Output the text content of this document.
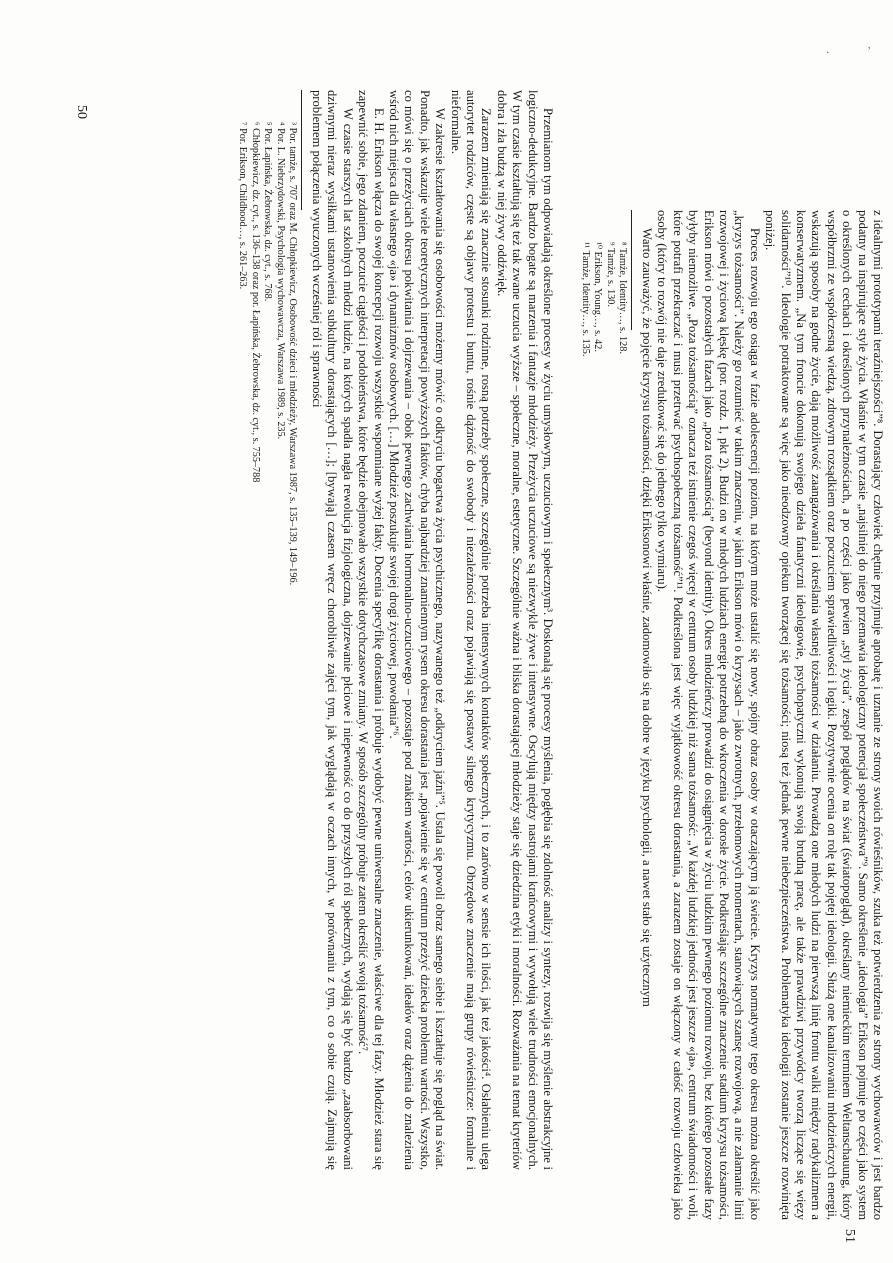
,
·

Przemianom tym odpowiadają określone procesy w życiu umysłowym, uczuciowym i społecznym³. Doskonalą się procesy myślenia, pogłębia się zdolność analizy i syntezy, rozwija się myślenie abstrakcyjne i logiczno-dedukcyjne. Bardzo bogate są marzenia i fantazje młodzieży. Przeżycia uczuciowe są niezwykle żywe i intensywne. Oscylują między nastrojami krańcowymi i wywołują wiele trudności emocjonalnych. W tym czasie kształtują się też tak zwane uczucia wyższe – społeczne, moralne, estetyczne. Szczególnie ważna i bliska dorastającej młodzieży staje się dziedzina etyki i moralności. Rozważania na temat kryteriów dobra i zła budzą w niej żywy oddźwięk.

Zarazem zmieniają się znacznie stosunki rodzinne, rosną potrzeby społeczne, szczególnie potrzeba intensywnych kontaktów społecznych, i to zarówno w sensie ich ilości, jak też jakości⁴. Osłabieniu ulega autorytet rodziców, częste są objawy protestu i buntu, rośnie dążność do swobody i niezależności oraz pojawiają się postawy silnego krytycyzmu. Obrzędowe znaczenie mają grupy rówieśnicze: formalne i nieformalne.

W zakresie kształtowania się osobowości możemy mówić o odkryciu bogactwa życia psychicznego, nazywanego też „odkryciem jaźni”⁵. Ustala się powoli obraz samego siebie i kształtuje się pogląd na świat. Ponadto, jak wskazuje wiele teoretycznych interpretacji powyższych faktów, chyba najbardziej znamiennym rysem okresu dorastania jest „pojawienie się w centrum przeżyć dziecka problemu wartości. Wszystko, co mówi się o przeżyciach okresu pokwitania i dojrzewania – obok pewnego zachwiania hormonalno-uczuciowego – pozostaje pod znakiem wartości, celów ukierunkowań, ideałów oraz dążenia do znalezienia wśród nich miejsca dla własnego «ja» i dynamizmów osobowych. […] Młodzież poszukuje swojej drogi życiowej, powołania”⁶.

E. H. Erikson włącza do swojej koncepcji rozwoju wszystkie wspomniane wyżej fakty. Docenia specyfikę dorastania i próbuje wydobyć pewne uniwersalne znaczenie, właściwe dla tej fazy. Młodzież stara się zapewnić sobie, jego zdaniem, poczucie ciągłości i podobieństwa, które będzie obejmowało wszystkie dotychczasowe zmiany. W sposób szczególny próbuje zatem określić swoją tożsamość⁷.

W czasie starszych lat szkolnych młodzi ludzie, na których spadła nagła rewolucja fizjologiczna, dojrzewanie płciowe i niepewność co do przyszłych ról społecznych, wydają się być bardzo „zaabsorbowani dziwnymi nieraz wysiłkami ustanowienia subkultury dorastających […]; [bywają] czasem wręcz chorobliwie zajęci tym, jak wyglądają w oczach innych, w porównaniu z tym, co o sobie czują. Zajmują się problemem połączenia wyuczonych wcześniej ról i sprawności

³ Por. tamże, s. 707 oraz M. Chłopkiewicz, Osobowość dzieci i młodzieży, Warszawa 1987, s. 135–139, 149–196.

⁴ Por. L. Niebrzydowski, Psychologia wychowawcza, Warszawa 1989, s. 235.

⁵ Por. Łapińska, Żebrowska, dz. cyt., s. 768.

⁶ Chłopkiewicz, dz. cyt., s. 136–138 oraz por. Łapińska, Żebrowska, dz. cyt., s. 755–788

⁷ Por. Erikson, Childhood…, s. 261–263.

50

z idealnymi prototypami teraźniejszości”⁸. Dorastający człowiek chętnie przyjmuje aprobatę i uznanie ze strony swoich rówieśników, szuka też potwierdzenia ze strony wychowawców i jest bardzo podatny na inspirujące style życia. Właśnie w tym czasie „najsilniej do niego przemawia ideologiczny potencjał społeczeństwa”⁹. Samo określenie „ideologia” Erikson pojmuje po części jako system o określonych cechach i określonych przynależnościach, a po części jako pewien „styl życia”, zespół poglądów na świat (światopogląd), określany niemieckim terminem Weltanschauung, który współbrzmi ze współczesną wiedzą, zdrowym rozsądkiem oraz poczuciem sprawiedliwości i logiki. Pozytywnie ocenia on rolę tak pojętej ideologii. Służą one kanalizowaniu młodzieńczych energii, wskazują sposoby na godne życie, dają możliwość zaangażowania i określania własnej tożsamości w działaniu. Prowadzą one młodych ludzi na pierwszą linię frontu walki między radykalizmem a konserwatyzmem. „Na tym froncie dokonują swojego dzieła fanatyczni ideologowie, psychopatyczni wykonują swoją brudną pracę, ale także prawdziwi przywódcy tworzą liczące się więzy solidarności”¹⁰. Ideologie potraktowane są więc jako nieodzowny opiekun tworzącej się tożsamości; niosą też jednak pewne niebezpieczeństwa. Problematyka ideologii zostanie jeszcze rozwinięta poniżej.

Proces rozwoju ego osiąga w fazie adolescencji poziom, na którym może ustalić się nowy, spójny obraz osoby w otaczającym ją świecie. Kryzys normatywny tego okresu można określić jako „kryzys tożsamości”. Należy go rozumieć w takim znaczeniu, w jakim Erikson mówi o kryzysach – jako zwrotnych, przełomowych momentach, stanowiących szansę rozwojową, a nie załamanie linii rozwojowej i życiową klęskę (por. rozdz. 1, pkt 2). Budzi on w młodych ludziach energię potrzebną do wkroczenia w dorosłe życie. Podkreślając szczególne znaczenie stadium kryzysu tożsamości, Erikson mówi o pozostałych fazach jako „poza tożsamością” (beyond identity). Okres młodzieńczy prowadzi do osiągnięcia w życiu ludzkim pewnego poziomu rozwoju, bez którego pozostałe fazy byłyby niemożliwe. „Poza tożsamością” oznacza też istnienie czegoś więcej w centrum osoby ludzkiej niż sama tożsamość: „W każdej ludzkiej jedności jest jeszcze «ja», centrum świadomości i woli, które potrafi przekraczać i musi przetrwać psychospołeczną tożsamość”¹¹. Podkreślona jest więc wyjątkowość okresu dorastania, a zarazem zostaje on włączony w całość rozwoju człowieka jako osoby (który to rozwój nie daje zredukować się do jednego tylko wymiaru).

Warto zauważyć, że pojęcie kryzysu tożsamości, dzięki Eriksonowi właśnie, zadomowiło się na dobre w języku psychologii, a nawet stało się użytecznym

⁸ Tamże, Identity…, s. 128.

⁹ Tamże, s. 130.

¹⁰ Erikson, Young…, s. 42.

¹¹ Tamże, Identity…, s. 135.

51
